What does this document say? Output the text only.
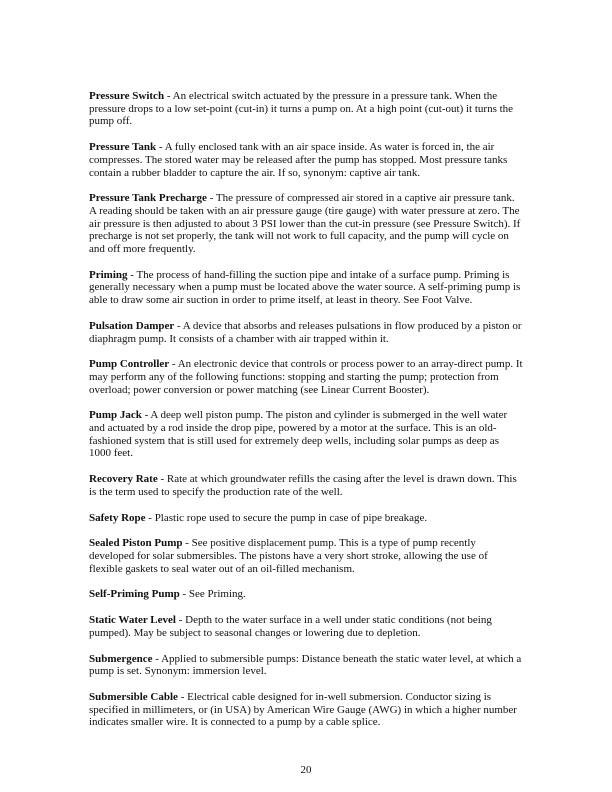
Pressure Switch - An electrical switch actuated by the pressure in a pressure tank. When the pressure drops to a low set-point (cut-in) it turns a pump on. At a high point (cut-out) it turns the pump off.

Pressure Tank - A fully enclosed tank with an air space inside. As water is forced in, the air compresses. The stored water may be released after the pump has stopped. Most pressure tanks contain a rubber bladder to capture the air. If so, synonym: captive air tank.

Pressure Tank Precharge - The pressure of compressed air stored in a captive air pressure tank. A reading should be taken with an air pressure gauge (tire gauge) with water pressure at zero. The air pressure is then adjusted to about 3 PSI lower than the cut-in pressure (see Pressure Switch). If precharge is not set properly, the tank will not work to full capacity, and the pump will cycle on and off more frequently.

Priming - The process of hand-filling the suction pipe and intake of a surface pump. Priming is generally necessary when a pump must be located above the water source. A self-priming pump is able to draw some air suction in order to prime itself, at least in theory. See Foot Valve.

Pulsation Damper - A device that absorbs and releases pulsations in flow produced by a piston or diaphragm pump. It consists of a chamber with air trapped within it.

Pump Controller - An electronic device that controls or process power to an array-direct pump. It may perform any of the following functions: stopping and starting the pump; protection from overload; power conversion or power matching (see Linear Current Booster).

Pump Jack - A deep well piston pump. The piston and cylinder is submerged in the well water and actuated by a rod inside the drop pipe, powered by a motor at the surface. This is an old-fashioned system that is still used for extremely deep wells, including solar pumps as deep as 1000 feet.

Recovery Rate - Rate at which groundwater refills the casing after the level is drawn down. This is the term used to specify the production rate of the well.

Safety Rope - Plastic rope used to secure the pump in case of pipe breakage.

Sealed Piston Pump - See positive displacement pump. This is a type of pump recently developed for solar submersibles. The pistons have a very short stroke, allowing the use of flexible gaskets to seal water out of an oil-filled mechanism.

Self-Priming Pump - See Priming.

Static Water Level - Depth to the water surface in a well under static conditions (not being pumped). May be subject to seasonal changes or lowering due to depletion.

Submergence - Applied to submersible pumps: Distance beneath the static water level, at which a pump is set. Synonym: immersion level.

Submersible Cable - Electrical cable designed for in-well submersion. Conductor sizing is specified in millimeters, or (in USA) by American Wire Gauge (AWG) in which a higher number indicates smaller wire. It is connected to a pump by a cable splice.

20
